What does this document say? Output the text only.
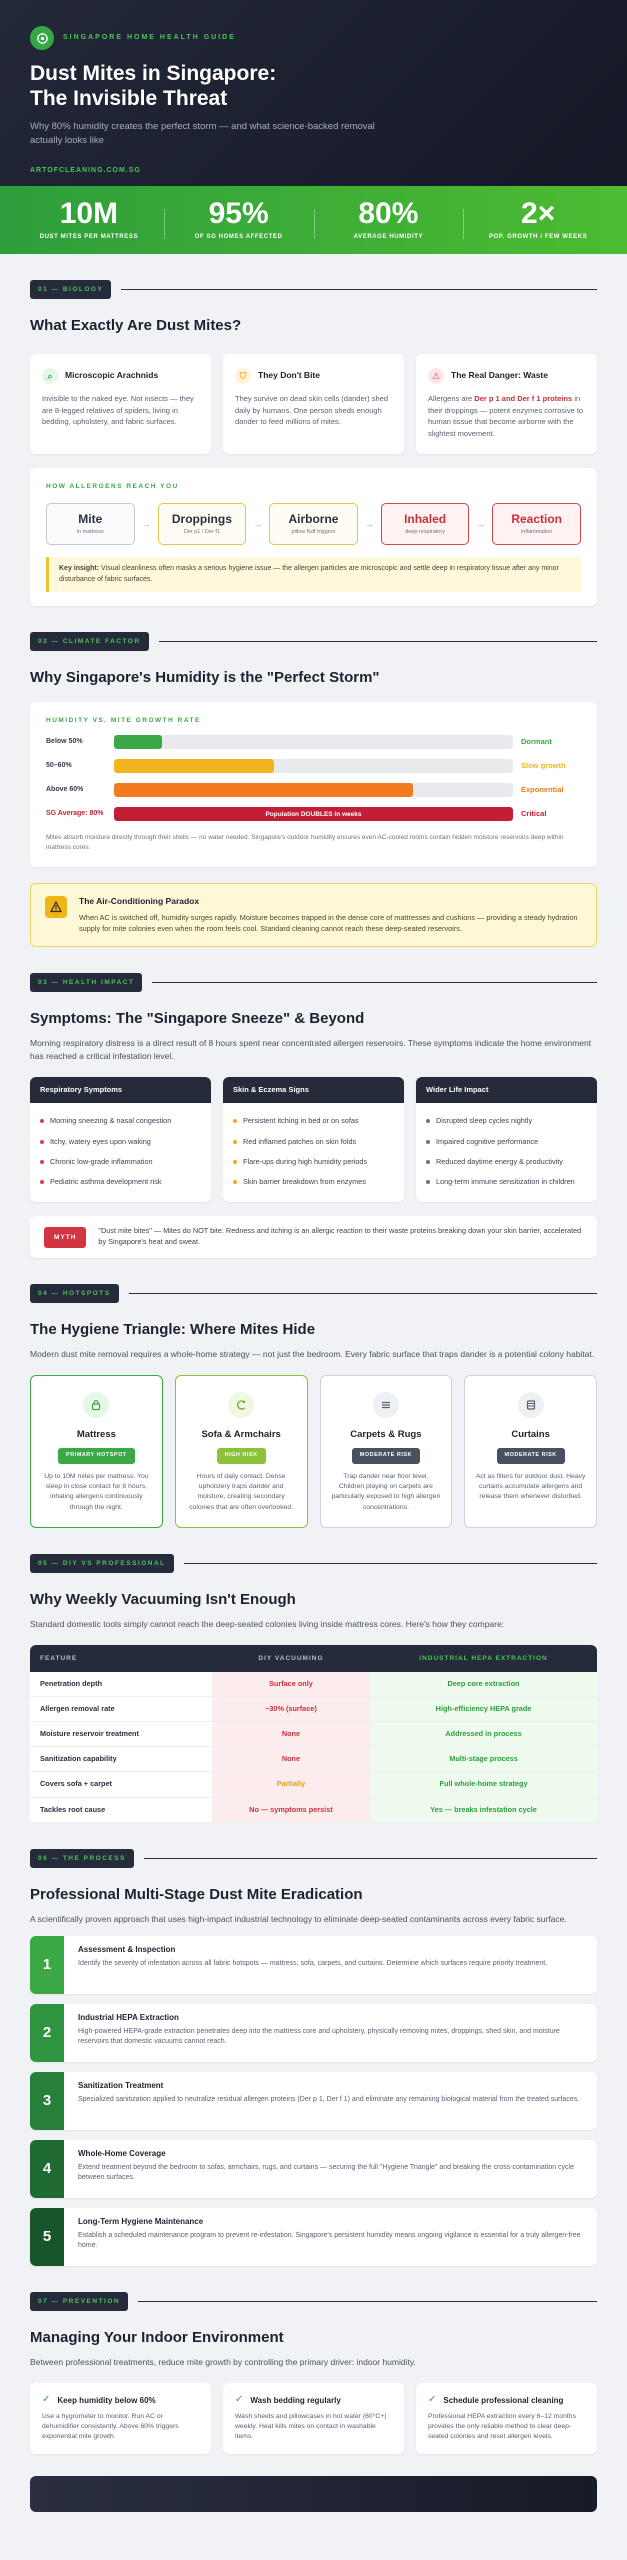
SINGAPORE HOME HEALTH GUIDE
Dust Mites in Singapore:
The Invisible Threat

Why 80% humidity creates the perfect storm — and what science-backed removal actually looks like

ARTOFCLEANING.COM.SG
10M
DUST MITES PER MATTRESS
95%
OF SG HOMES AFFECTED
80%
AVERAGE HUMIDITY
2×
POP. GROWTH / FEW WEEKS
01 — BIOLOGY
What Exactly Are Dust Mites?
⌕	Microscopic Arachnids

Invisible to the naked eye. Not insects — they are 8-legged relatives of spiders, living in bedding, upholstery, and fabric surfaces.

⛉	They Don't Bite

They survive on dead skin cells (dander) shed daily by humans. One person sheds enough dander to feed millions of mites.

⚠	The Real Danger: Waste

Allergens are Der p 1 and Der f 1 proteins in their droppings — potent enzymes corrosive to human tissue that become airborne with the slightest movement.

HOW ALLERGENS REACH YOU
Mite
in mattress
→	Droppings
Der p1 / Der f1
→	Airborne
pillow fluff triggers
→	Inhaled
deep respiratory
→	Reaction
inflammation
Key insight: Visual cleanliness often masks a serious hygiene issue — the allergen particles are microscopic and settle deep in respiratory tissue after any minor disturbance of fabric surfaces.
02 — CLIMATE FACTOR
Why Singapore's Humidity is the "Perfect Storm"
HUMIDITY VS. MITE GROWTH RATE
Below 50%	Dormant
50–60%	Slow growth
Above 60%	Exponential
SG Average: 80%	Population DOUBLES in weeks	Critical
Mites absorb moisture directly through their shells — no water needed. Singapore's outdoor humidity ensures even AC-cooled rooms contain hidden moisture reservoirs deep within mattress cores.
The Air-Conditioning Paradox

When AC is switched off, humidity surges rapidly. Moisture becomes trapped in the dense core of mattresses and cushions — providing a steady hydration supply for mite colonies even when the room feels cool. Standard cleaning cannot reach these deep-seated reservoirs.

03 — HEALTH IMPACT
Symptoms: The "Singapore Sneeze" & Beyond

Morning respiratory distress is a direct result of 8 hours spent near concentrated allergen reservoirs. These symptoms indicate the home environment has reached a critical infestation level.

Respiratory Symptoms
Morning sneezing & nasal congestion
Itchy, watery eyes upon waking
Chronic low-grade inflammation
Pediatric asthma development risk
Skin & Eczema Signs
Persistent itching in bed or on sofas
Red inflamed patches on skin folds
Flare-ups during high humidity periods
Skin barrier breakdown from enzymes
Wider Life Impact
Disrupted sleep cycles nightly
Impaired cognitive performance
Reduced daytime energy & productivity
Long-term immune sensitization in children
MYTH

"Dust mite bites" — Mites do NOT bite. Redness and itching is an allergic reaction to their waste proteins breaking down your skin barrier, accelerated by Singapore's heat and sweat.

04 — HOTSPOTS
The Hygiene Triangle: Where Mites Hide

Modern dust mite removal requires a whole-home strategy — not just the bedroom. Every fabric surface that traps dander is a potential colony habitat.

Mattress
PRIMARY HOTSPOT

Up to 10M mites per mattress. You sleep in close contact for 8 hours, inhaling allergens continuously through the night.

Sofa & Armchairs
HIGH RISK

Hours of daily contact. Dense upholstery traps dander and moisture, creating secondary colonies that are often overlooked.

Carpets & Rugs
MODERATE RISK

Trap dander near floor level. Children playing on carpets are particularly exposed to high allergen concentrations.

Curtains
MODERATE RISK

Act as filters for outdoor dust. Heavy curtains accumulate allergens and release them whenever disturbed.

05 — DIY VS PROFESSIONAL
Why Weekly Vacuuming Isn't Enough

Standard domestic tools simply cannot reach the deep-seated colonies living inside mattress cores. Here's how they compare:

FEATURE	DIY VACUUMING	INDUSTRIAL HEPA EXTRACTION
Penetration depth	Surface only	Deep core extraction
Allergen removal rate	~30% (surface)	High-efficiency HEPA grade
Moisture reservoir treatment	None	Addressed in process
Sanitization capability	None	Multi-stage process
Covers sofa + carpet	Partially	Full whole-home strategy
Tackles root cause	No — symptoms persist	Yes — breaks infestation cycle
06 — THE PROCESS
Professional Multi-Stage Dust Mite Eradication

A scientifically proven approach that uses high-impact industrial technology to eliminate deep-seated contaminants across every fabric surface.

1
Assessment & Inspection

Identify the severity of infestation across all fabric hotspots — mattress, sofa, carpets, and curtains. Determine which surfaces require priority treatment.

2
Industrial HEPA Extraction

High-powered HEPA-grade extraction penetrates deep into the mattress core and upholstery, physically removing mites, droppings, shed skin, and moisture reservoirs that domestic vacuums cannot reach.

3
Sanitization Treatment

Specialized sanitization applied to neutralize residual allergen proteins (Der p 1, Der f 1) and eliminate any remaining biological material from the treated surfaces.

4
Whole-Home Coverage

Extend treatment beyond the bedroom to sofas, armchairs, rugs, and curtains — securing the full "Hygiene Triangle" and breaking the cross-contamination cycle between surfaces.

5
Long-Term Hygiene Maintenance

Establish a scheduled maintenance program to prevent re-infestation. Singapore's persistent humidity means ongoing vigilance is essential for a truly allergen-free home.

07 — PREVENTION
Managing Your Indoor Environment

Between professional treatments, reduce mite growth by controlling the primary driver: indoor humidity.

✓ Keep humidity below 60%

Use a hygrometer to monitor. Run AC or dehumidifier consistently. Above 60% triggers exponential mite growth.

✓ Wash bedding regularly

Wash sheets and pillowcases in hot water (60°C+) weekly. Heat kills mites on contact in washable items.

✓ Schedule professional cleaning

Professional HEPA extraction every 6–12 months provides the only reliable method to clear deep-seated colonies and reset allergen levels.
